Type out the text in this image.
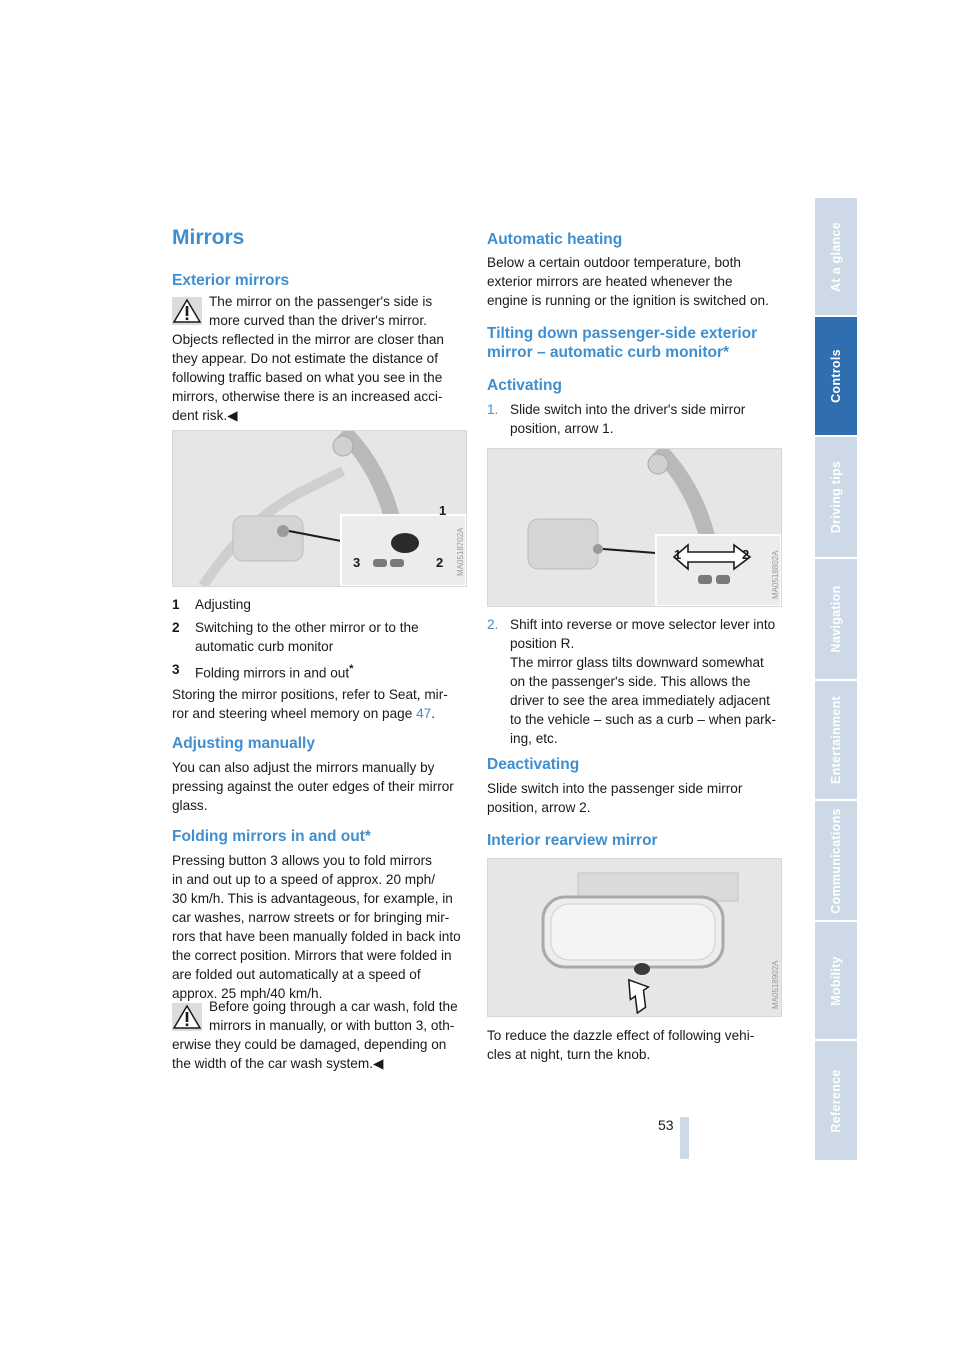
Mirrors
Exterior mirrors

The mirror on the passenger's side is

more curved than the driver's mirror.

Objects reflected in the mirror are closer than

they appear. Do not estimate the distance of

following traffic based on what you see in the

mirrors, otherwise there is an increased acci-

dent risk.◀

1
2
3	MA0518702A
1	Adjusting
2	Switching to the other mirror or to the
automatic curb monitor
3	Folding mirrors in and out*

Storing the mirror positions, refer to Seat, mir-

ror and steering wheel memory on page 47.

Adjusting manually

You can also adjust the mirrors manually by

pressing against the outer edges of their mirror

glass.

Folding mirrors in and out*

Pressing button 3 allows you to fold mirrors

in and out up to a speed of approx. 20 mph/

30 km/h. This is advantageous, for example, in

car washes, narrow streets or for bringing mir-

rors that have been manually folded in back into

the correct position. Mirrors that were folded in

are folded out automatically at a speed of

approx. 25 mph/40 km/h.

Before going through a car wash, fold the

mirrors in manually, or with button 3, oth-

erwise they could be damaged, depending on

the width of the car wash system.◀

Automatic heating

Below a certain outdoor temperature, both

exterior mirrors are heated whenever the

engine is running or the ignition is switched on.

Tilting down passenger-side exterior
mirror – automatic curb monitor*
Activating
1. Slide switch into the driver's side mirror
position, arrow 1.
1	2	MA0518802A
2. Shift into reverse or move selector lever into
position R.
The mirror glass tilts downward somewhat
on the passenger's side. This allows the
driver to see the area immediately adjacent
to the vehicle – such as a curb – when park-
ing, etc.
Deactivating

Slide switch into the passenger side mirror

position, arrow 2.

Interior rearview mirror
MA0518902A

To reduce the dazzle effect of following vehi-

cles at night, turn the knob.

At a glance
Controls
Driving tips
Navigation
Entertainment
Communications
Mobility
Reference
53
